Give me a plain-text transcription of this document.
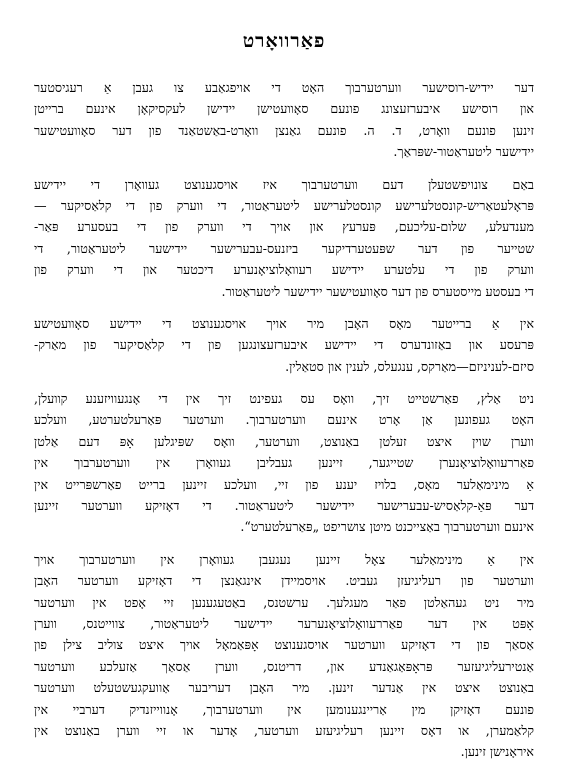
פאַרוואָרט
דער יידיש-רוסישער ווערטערבוך האָט די אויפגאַבע צו געבן אַ רעגיסטער
און רוסישע איבערזעצונג פונעם סאָוועטישן יידישן לעקסיקאָן אינעם ברייטן
זינען פונעם וואָרט, ד. ה. פונעם גאַנצן וואָרט-באַשטאַנד פון דער סאָוועטישער
יידישער ליטעראַטור-שפּראַך.
באַם צונויפשטעלן דעם ווערטערבוך איז אויסגענוצט געוואָרן די יידישע
פּראָלעטאַריש-קונסטלערישע קונסטלערישע ליטעראַטור, די ווערק פון די קלאַסיקער —
מענדעלע, שלום-עליכעם, פּערעץ און אויך די ווערק פון די בעסערע פּאַר-
שטייער פון דער שפּעטערדיקער ביזנעס-עבערישער יידישער ליטעראַטור, די
ווערק פון די עלטערע יידישע רעוואָלוציאָנערע דיכטער און די ווערק פון
די בעסטע מייסטערס פון דער סאָוועטישער יידישער ליטעראַטור.
אין אַ ברייטער מאָס האָבן מיר אויך אויסגענוצט די יידישע סאָוועטישע
פּרעסע און באַזונדערס די יידישע איבערזעצונגען פון די קלאַסיקער פון מאַרק-
סיזם-לעניניזם—מאַרקס, ענגעלס, לענין און סטאַלין.
ניט אַלץ, פאַרשטייט זיך, וואָס עס געפינט זיך אין די אָנגעוויזענע קוועלן,
האָט געפונען אַן אָרט אינעם ווערטערבוך. ווערטער פּאַרעלטערטע, וועלכע
ווערן שוין איצט זעלטן באַנוצט, ווערטער, וואָס שפּיגלען אָפּ דעם אַלטן
פאַררעוואָלוציאָנערן שטייגער, זיינען געבליבן געוואָרן אין ווערטערבוך אין
אַ מינימאַלער מאָס, בלויז יענע פון זיי, וועלכע זיינען ברייט פאַרשפּרייט אין
דער פּאַ-קלאַסיש-עבערישער יידישער ליטעראַטור. די דאָזיקע ווערטער זיינען
אינעם ווערטערבוך באַצייכנט מיטן צושריפט „פּאַרעלטערט“.
אין אַ מינימאַלער צאָל זיינען נעגעבן געוואָרן אין ווערטערבוך אויך
ווערטער פון רעליגיעזן געביט. אויסמיידן אינגאַנצן די דאָזיקע ווערטער האָבן
מיר ניט געהאַלטן פאַר מעגלעך. ערשטנס, באַטעגענען זיי אָפט אין ווערטער
אָפּט אין דער פאַררעוואָלוציאָנערער יידישער ליטעראַטור, צווייטנס, ווערן
אַסאַך פון די דאָזיקע ווערטער אויסגענוצט אָפּאַמאָל אויך איצט צוליב צילן פון
אַנטירעליגיעזער פּראָפּאַגאַנדע און, דריטנס, ווערן אַסאַך אַזעלכע ווערטער
באַנוצט איצט אין אַנדער זינען. מיר האָבן דעריבער אַוועקגעשטעלט ווערטער
פונעם דאָזיקן מין אַריינגענומען אין ווערטערבוך, אָנווייזנדיק דערביי אין
קלאַמערן, או דאָס זיינען רעליגיעזע ווערטער, אָדער או זיי ווערן באַנוצט אין
איראָנישן זינען.
